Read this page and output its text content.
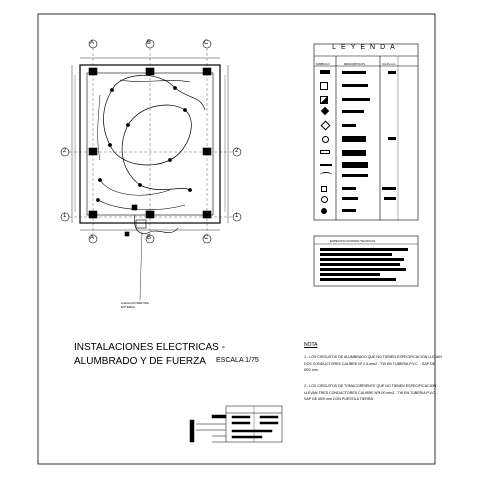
A	B	C
A	B	C
2
1
2
1
LLEGA ACOMETIDA EXTERNA
LEYENDA
SIMBOLO	DESCRIPCION	CAJA mm
ESPECIFICACIONES TECNICAS
INSTALACIONES ELECTRICAS - ALUMBRADO Y DE FUERZA	ESCALA 1/75
NOTA
1.- LOS CIRCUITOS DE ALUMBRADO QUE NO TIENEN ESPECIFICACION LLEVAN DOS CONDUCTORES CALIBRE Nº 2.5 mm2 - TW EN TUBERIA P.V.C. - SAP DE Ø20 mm
2.- LOS CIRCUITOS DE TOMACORRIENTE QUE NO TIENEN ESPECIFICACION LLEVAN TRES CONDUCTORES CALIBRE Nº4.00 mm2 - TW EN TUBERIA P.V.C. - SAP DE Ø20 mm CON PUESTA A TIERRA
